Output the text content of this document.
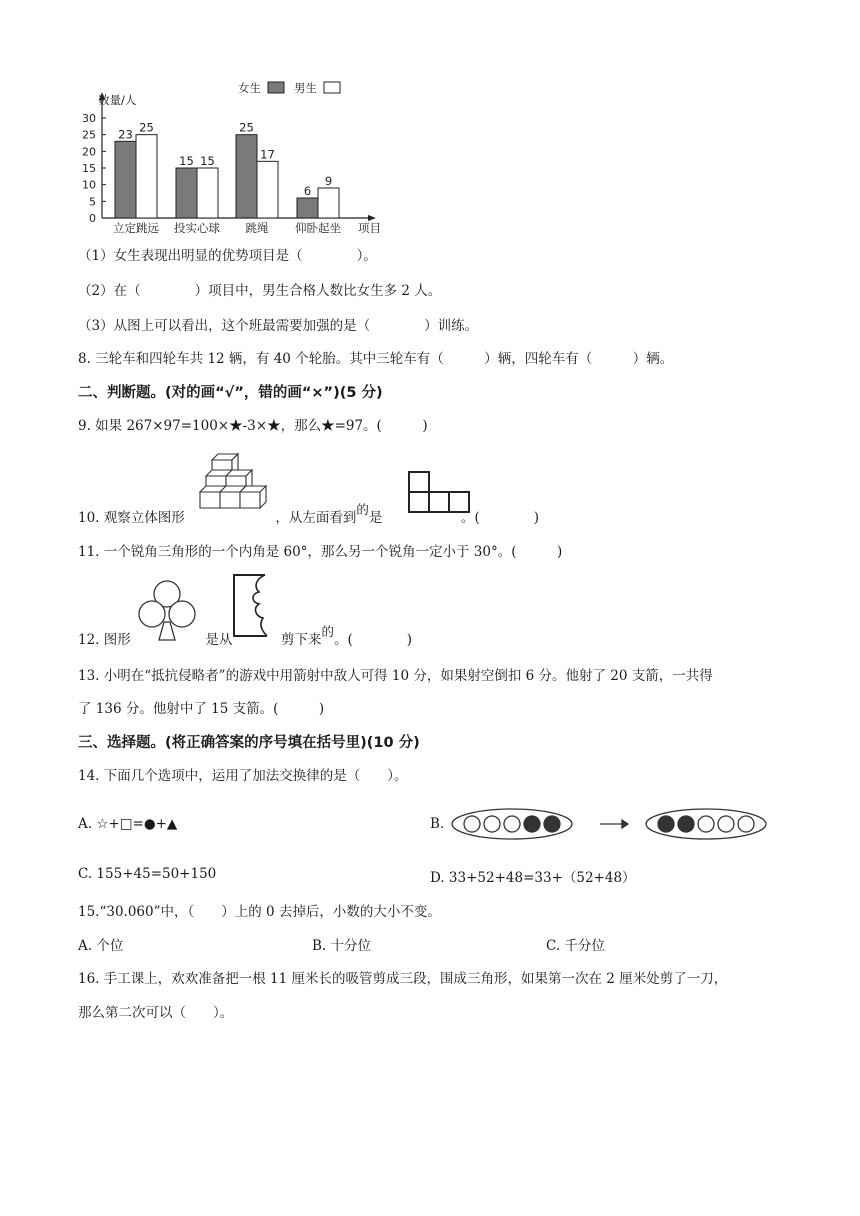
0
5
10
15
20
25
30
数量/人
项目
女生	男生
23 25
立定跳远
15 15
投实心球
25
17
跳绳
6
9
仰卧起坐
（1）女生表现出明显的优势项目是（　　　　）。
（2）在（　　　　）项目中，男生合格人数比女生多 2 人。
（3）从图上可以看出，这个班最需要加强的是（　　　　）训练。
8. 三轮车和四轮车共 12 辆，有 40 个轮胎。其中三轮车有（　　　）辆，四轮车有（　　　）辆。
二、判断题。(对的画“√”，错的画“×”)(5 分)
9. 如果 267×97=100×★-3×★，那么★=97。(　　　)
10. 观察立体图形	，从左面看到的是	。(　　　　)
11. 一个锐角三角形的一个内角是 60°，那么另一个锐角一定小于 30°。(　　　)
12. 图形	是从	剪下来的。(　　　　)
13. 小明在“抵抗侵略者”的游戏中用箭射中敌人可得 10 分，如果射空倒扣 6 分。他射了 20 支箭，一共得
了 136 分。他射中了 15 支箭。(　　　)
三、选择题。(将正确答案的序号填在括号里)(10 分)
14. 下面几个选项中，运用了加法交换律的是（　　）。
A. ☆+□=●+▲	B.
C. 155+45=50+150	D. 33+52+48=33+（52+48）
15.“30.060”中，（　　）上的 0 去掉后，小数的大小不变。
A. 个位	B. 十分位	C. 千分位
16. 手工课上，欢欢准备把一根 11 厘米长的吸管剪成三段，围成三角形，如果第一次在 2 厘米处剪了一刀，
那么第二次可以（　　）。
